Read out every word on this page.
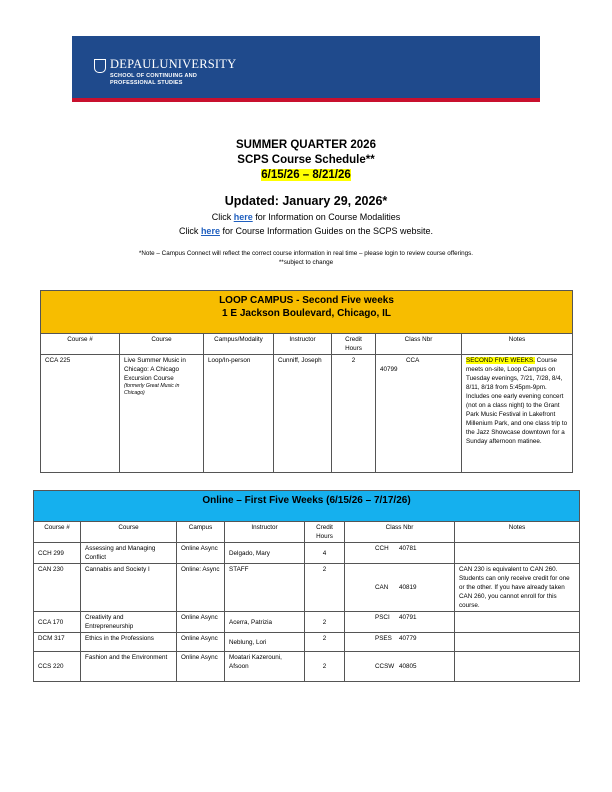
DEPAULUNIVERSITY
SCHOOL OF CONTINUING AND
PROFESSIONAL STUDIES
SUMMER QUARTER 2026
SCPS Course Schedule**
6/15/26 – 8/21/26
Updated: January 29, 2026*
Click here for Information on Course Modalities
Click here for Course Information Guides on the SCPS website.
*Note – Campus Connect will reflect the correct course information in real time – please login to review course offerings.
**subject to change
LOOP CAMPUS - Second Five weeks
1 E Jackson Boulevard, Chicago, IL						

Course #	Course	Campus/Modality	Instructor	Credit Hours	Class Nbr	Notes
CCA 225	Live Summer Music in Chicago: A Chicago Excursion Course
(formerly Great Music in Chicago)	Loop/In-person	Cunniff, Joseph	2	CCA40799	SECOND FIVE WEEKS. Course meets on-site, Loop Campus on Tuesday evenings, 7/21, 7/28, 8/4, 8/11, 8/18 from 5:45pm-9pm. Includes one early evening concert (not on a class night) to the Grant Park Music Festival in Lakefront Millenium Park, and one class trip to the Jazz Showcase downtown for a Sunday afternoon matinee.
Online – First Five Weeks (6/15/26 – 7/17/26)						

Course #	Course	Campus	Instructor	Credit Hours	Class Nbr	Notes
CCH 299	Assessing and Managing Conflict	Online Async	Delgado, Mary	4	CCH 40781	
CAN 230	Cannabis and Society I	Online: Async	STAFF	2	CAN 40819	CAN 230 is equivalent to CAN 260. Students can only receive credit for one or the other. If you have already taken CAN 260, you cannot enroll for this course.
CCA 170	Creativity and Entrepreneurship	Online Async	Acerra, Patrizia	2	PSCI 40791	
DCM 317	Ethics in the Professions	Online Async	Neblung, Lori	2	PSES 40779	
CCS 220	Fashion and the Environment	Online Async	Moatari Kazerouni, Afsoon	2	CCSW 40805	
